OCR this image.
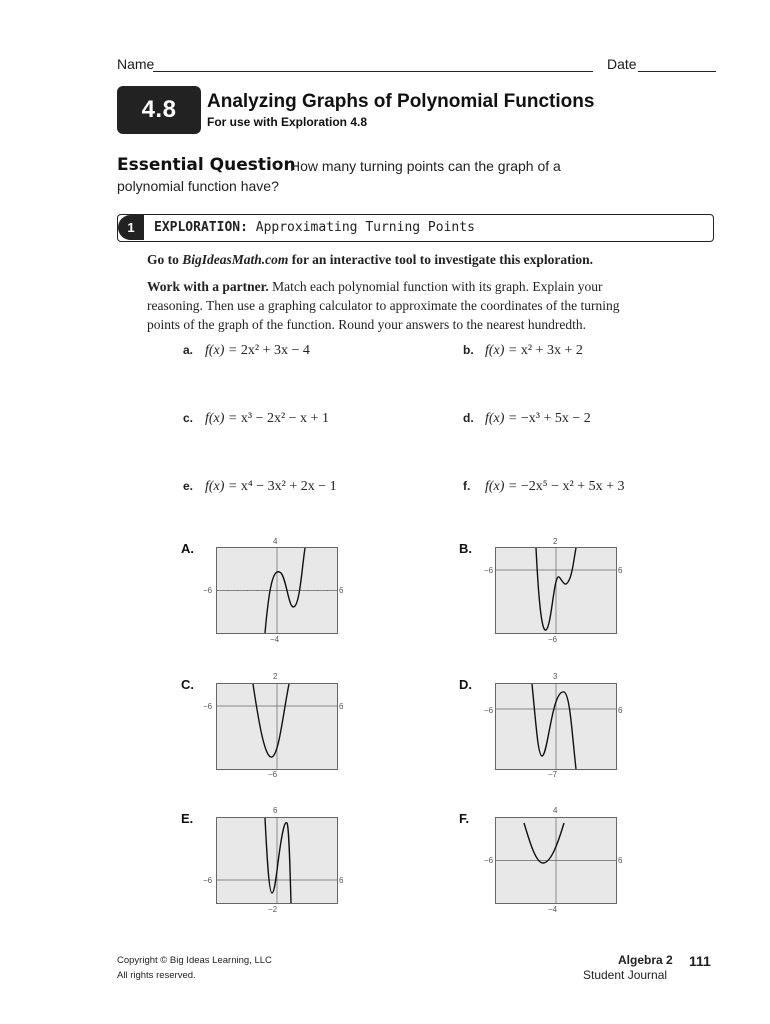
Name	Date
4.8	Analyzing Graphs of Polynomial Functions
For use with Exploration 4.8
Essential Question
How many turning points can the graph of a
polynomial function have?
1	EXPLORATION: Approximating Turning Points
Go to BigIdeasMath.com for an interactive tool to investigate this exploration.
Work with a partner. Match each polynomial function with its graph. Explain your
reasoning. Then use a graphing calculator to approximate the coordinates of the turning
points of the graph of the function. Round your answers to the nearest hundredth.
a. f(x) = 2x² + 3x − 4	b. f(x) = x² + 3x + 2
c. f(x) = x³ − 2x² − x + 1	d. f(x) = −x³ + 5x − 2
e. f(x) = x⁴ − 3x² + 2x − 1	f. f(x) = −2x⁵ − x² + 5x + 3
A.	4
−6	6
−4
B.	2
−6	6
−6
C.
2
−6	6
−6
D.
3
−6	6
−7
E.
6
−6	6
−2
F.
4
−6	6
−4
Copyright © Big Ideas Learning, LLC
All rights reserved.
Algebra 2
Student Journal
111
